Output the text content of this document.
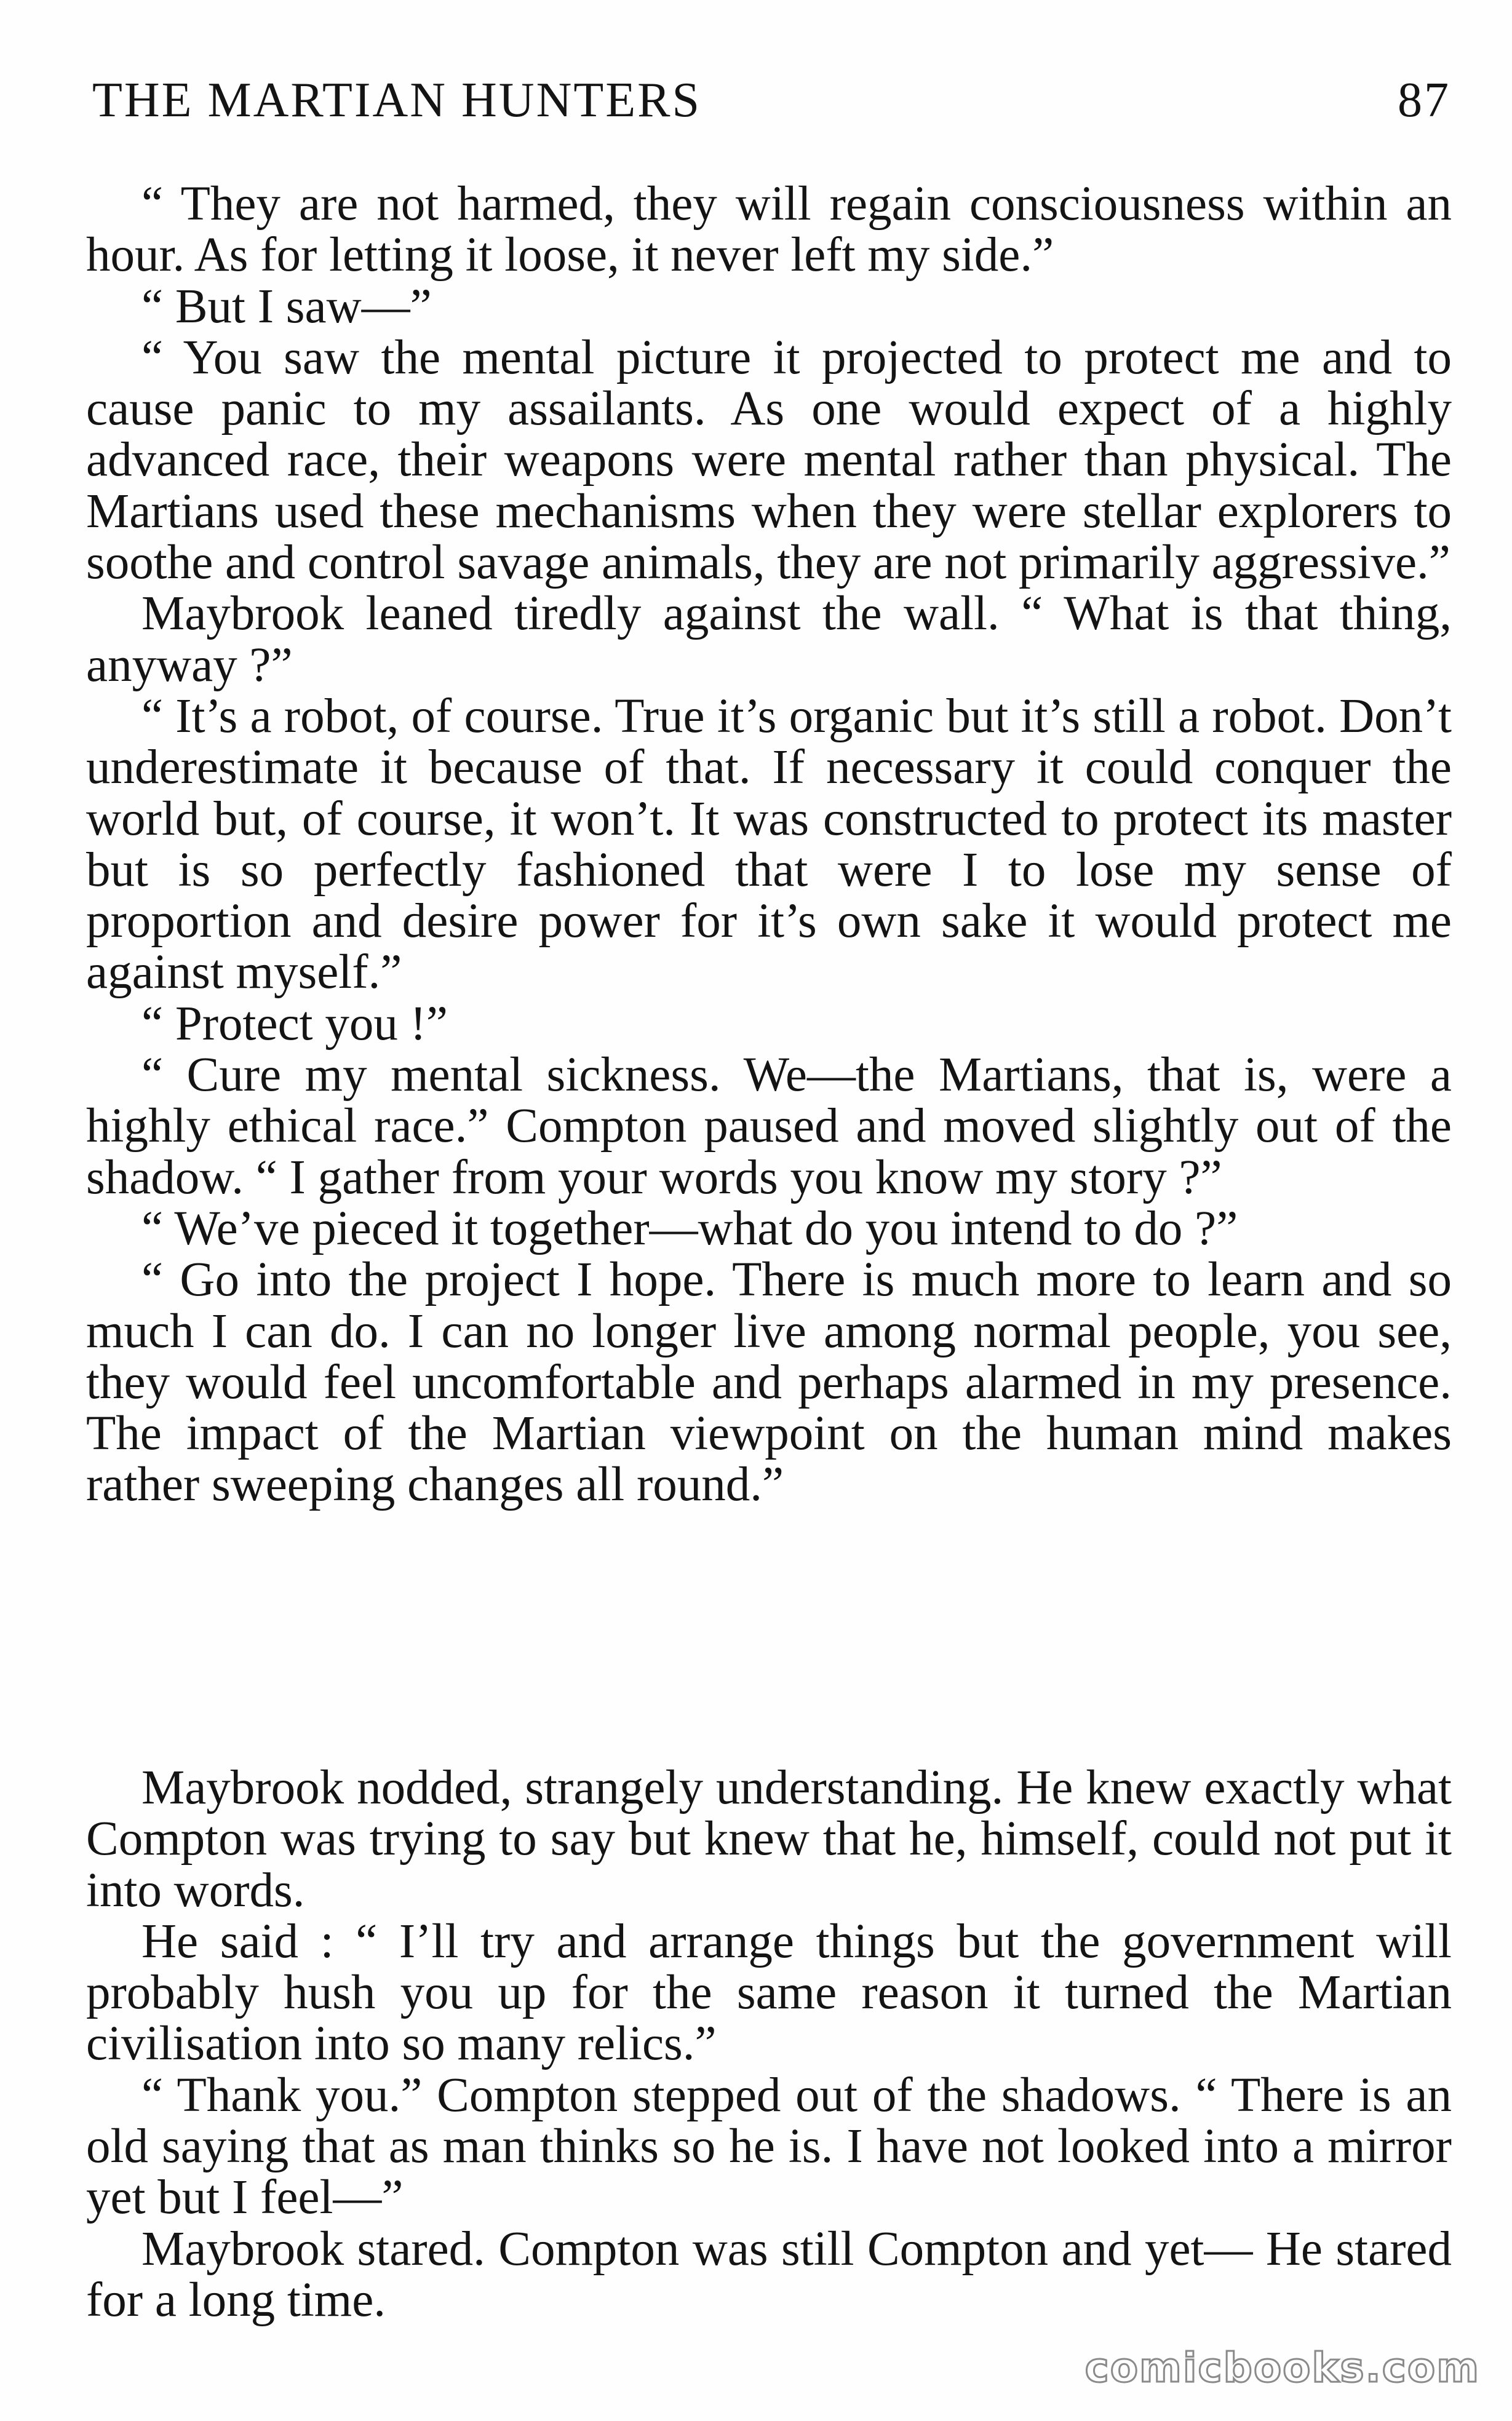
THE MARTIAN HUNTERS	87

“ They are not harmed, they will regain consciousness within an hour. As for letting it loose, it never left my side.”

“ But I saw—”

“ You saw the mental picture it projected to protect me and to cause panic to my assailants. As one would expect of a highly advanced race, their weapons were mental rather than physical. The Martians used these mechanisms when they were stellar explorers to soothe and control savage animals, they are not primarily aggressive.”

Maybrook leaned tiredly against the wall. “ What is that thing, anyway ?”

“ It’s a robot, of course. True it’s organic but it’s still a robot. Don’t underestimate it because of that. If necessary it could conquer the world but, of course, it won’t. It was constructed to protect its master but is so perfectly fashioned that were I to lose my sense of proportion and desire power for it’s own sake it would protect me against myself.”

“ Protect you !”

“ Cure my mental sickness. We—the Martians, that is, were a highly ethical race.” Compton paused and moved slightly out of the shadow. “ I gather from your words you know my story ?”

“ We’ve pieced it together—what do you intend to do ?”

“ Go into the project I hope. There is much more to learn and so much I can do. I can no longer live among normal people, you see, they would feel uncomfortable and perhaps alarmed in my presence. The impact of the Martian viewpoint on the human mind makes rather sweeping changes all round.”

Maybrook nodded, strangely understanding. He knew exactly what Compton was trying to say but knew that he, himself, could not put it into words.

He said : “ I’ll try and arrange things but the government will probably hush you up for the same reason it turned the Martian civilisation into so many relics.”

“ Thank you.” Compton stepped out of the shadows. “ There is an old saying that as man thinks so he is. I have not looked into a mirror yet but I feel—”

Maybrook stared. Compton was still Compton and yet— He stared for a long time.

comicbooks.com
